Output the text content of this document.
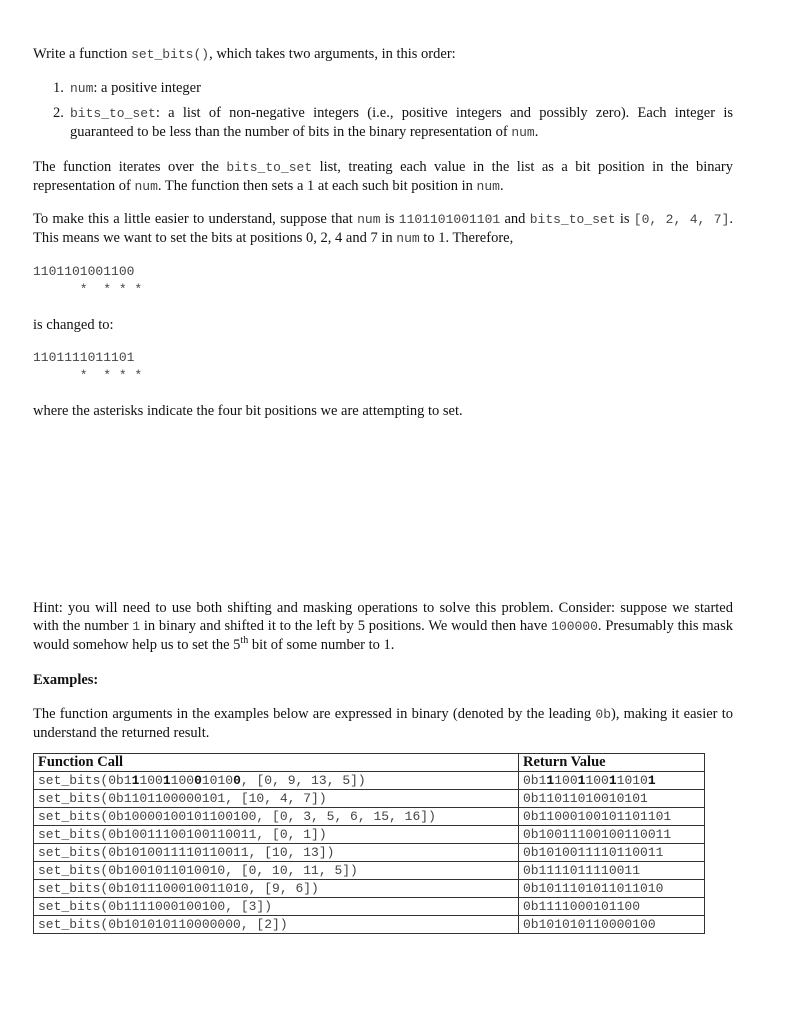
Write a function set_bits(), which takes two arguments, in this order:

1. num: a positive integer
2. bits_to_set: a list of non-negative integers (i.e., positive integers and possibly zero). Each integer is guaranteed to be less than the number of bits in the binary representation of num.

The function iterates over the bits_to_set list, treating each value in the list as a bit position in the binary representation of num. The function then sets a 1 at each such bit position in num.

To make this a little easier to understand, suppose that num is 1101101001101 and bits_to_set is [0, 2, 4, 7]. This means we want to set the bits at positions 0, 2, 4 and 7 in num to 1. Therefore,

1101101001100
*  * * *

is changed to:

1101111011101
*  * * *

where the asterisks indicate the four bit positions we are attempting to set.

Hint: you will need to use both shifting and masking operations to solve this problem. Consider: suppose we started with the number 1 in binary and shifted it to the left by 5 positions. We would then have 100000. Presumably this mask would somehow help us to set the 5th bit of some number to 1.

Examples:

The function arguments in the examples below are expressed in binary (denoted by the leading 0b), making it easier to understand the returned result.

Function Call	Return Value
set_bits(0b111001100010100, [0, 9, 13, 5])	0b111001100110101
set_bits(0b1101100000101, [10, 4, 7])	0b11011010010101
set_bits(0b10000100101100100, [0, 3, 5, 6, 15, 16])	0b11000100101101101
set_bits(0b10011100100110011, [0, 1])	0b10011100100110011
set_bits(0b1010011110110011, [10, 13])	0b1010011110110011
set_bits(0b1001011010010, [0, 10, 11, 5])	0b1111011110011
set_bits(0b1011100010011010, [9, 6])	0b1011101011011010
set_bits(0b1111000100100, [3])	0b1111000101100
set_bits(0b101010110000000, [2])	0b101010110000100
